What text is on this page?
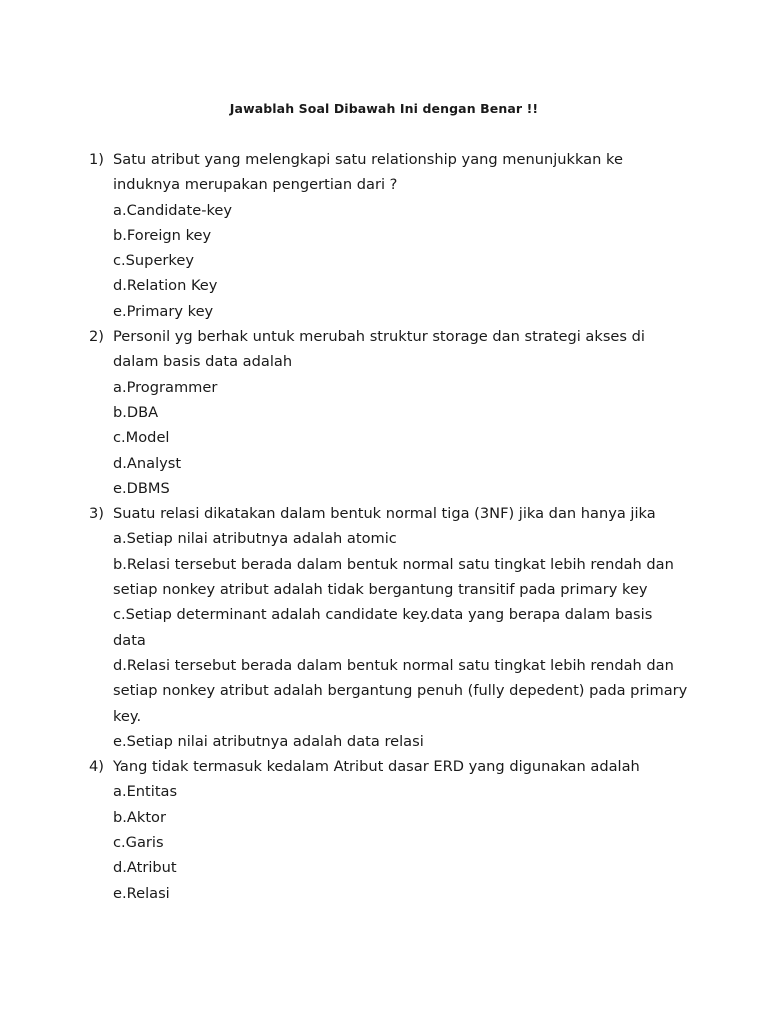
Jawablah Soal Dibawah Ini dengan Benar !!
1) Satu atribut yang melengkapi satu relationship yang menunjukkan ke induknya merupakan pengertian dari ?
a.Candidate-key
b.Foreign key
c.Superkey
d.Relation Key
e.Primary key
2) Personil yg berhak untuk merubah struktur storage dan strategi akses di dalam basis data adalah
a.Programmer
b.DBA
c.Model
d.Analyst
e.DBMS
3) Suatu relasi dikatakan dalam bentuk normal tiga (3NF) jika dan hanya jika
a.Setiap nilai atributnya adalah atomic
b.Relasi tersebut berada dalam bentuk normal satu tingkat lebih rendah dan setiap nonkey atribut adalah tidak bergantung transitif pada primary key
c.Setiap determinant adalah candidate key.data yang berapa dalam basis data
d.Relasi tersebut berada dalam bentuk normal satu tingkat lebih rendah dan setiap nonkey atribut adalah bergantung penuh (fully depedent) pada primary key.
e.Setiap nilai atributnya adalah data relasi
4) Yang tidak termasuk kedalam Atribut dasar ERD yang digunakan adalah
a.Entitas
b.Aktor
c.Garis
d.Atribut
e.Relasi
